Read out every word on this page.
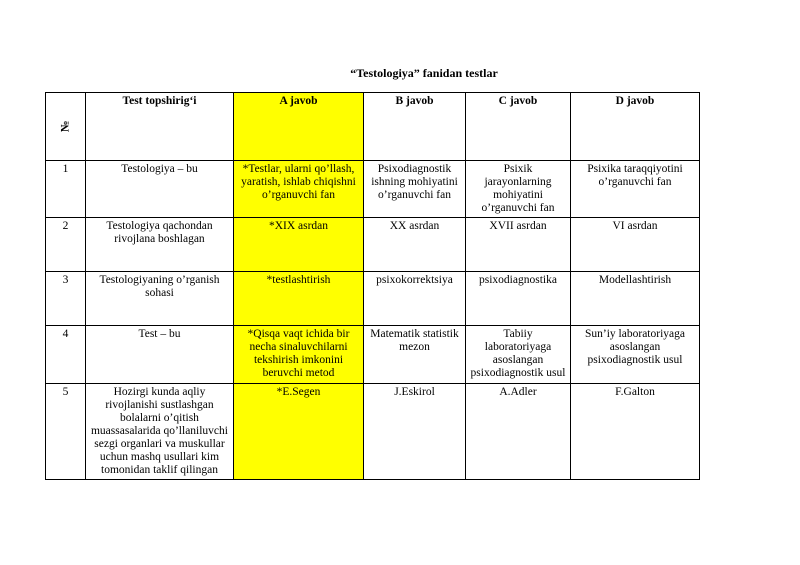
“Testologiya” fanidan testlar
№	Test topshirig‘i	A javob	B javob	C javob	D javob
1	Testologiya – bu	*Testlar, ularni qo’llash, yaratish, ishlab chiqishni o’rganuvchi fan	Psixodiagnostik ishning mohiyatini o’rganuvchi fan	Psixik jarayonlarning mohiyatini o’rganuvchi fan	Psixika taraqqiyotini o’rganuvchi fan
2	Testologiya qachondan rivojlana boshlagan	*XIX asrdan	XX asrdan	XVII asrdan	VI asrdan
3	Testologiyaning o’rganish sohasi	*testlashtirish	psixokorrektsiya	psixodiagnostika	Modellashtirish
4	Test – bu	*Qisqa vaqt ichida bir necha sinaluvchilarni tekshirish imkonini beruvchi metod	Matematik statistik mezon	Tabiiy laboratoriyaga asoslangan psixodiagnostik usul	Sun’iy laboratoriyaga asoslangan psixodiagnostik usul
5	Hozirgi kunda aqliy rivojlanishi sustlashgan bolalarni o’qitish muassasalarida qo’llaniluvchi sezgi organlari va muskullar uchun mashq usullari kim tomonidan taklif qilingan	*E.Segen	J.Eskirol	A.Adler	F.Galton
